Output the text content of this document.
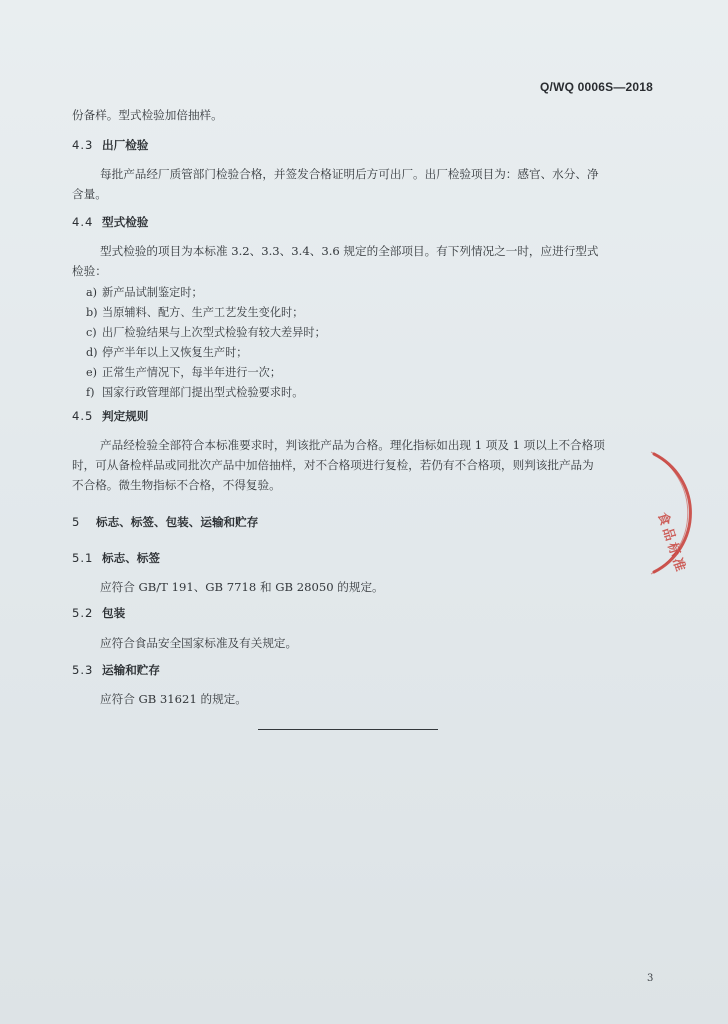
Q/WQ 0006S—2018

份备样。型式检验加倍抽样。

4.3 出厂检验

每批产品经厂质管部门检验合格，并签发合格证明后方可出厂。出厂检验项目为：感官、水分、净

含量。

4.4 型式检验

型式检验的项目为本标准 3.2、3.3、3.4、3.6 规定的全部项目。有下列情况之一时，应进行型式

检验：

a) 新产品试制鉴定时；
b) 当原辅料、配方、生产工艺发生变化时；
c) 出厂检验结果与上次型式检验有较大差异时；
d) 停产半年以上又恢复生产时；
e) 正常生产情况下，每半年进行一次；
f) 国家行政管理部门提出型式检验要求时。
4.5 判定规则

产品经检验全部符合本标准要求时，判该批产品为合格。理化指标如出现 1 项及 1 项以上不合格项

时，可从备检样品或同批次产品中加倍抽样，对不合格项进行复检，若仍有不合格项，则判该批产品为

不合格。微生物指标不合格，不得复验。

5 标志、标签、包装、运输和贮存
5.1 标志、标签

应符合 GB/T 191、GB 7718 和 GB 28050 的规定。

5.2 包装

应符合食品安全国家标准及有关规定。

5.3 运输和贮存

应符合 GB 31621 的规定。

食品标准
3
